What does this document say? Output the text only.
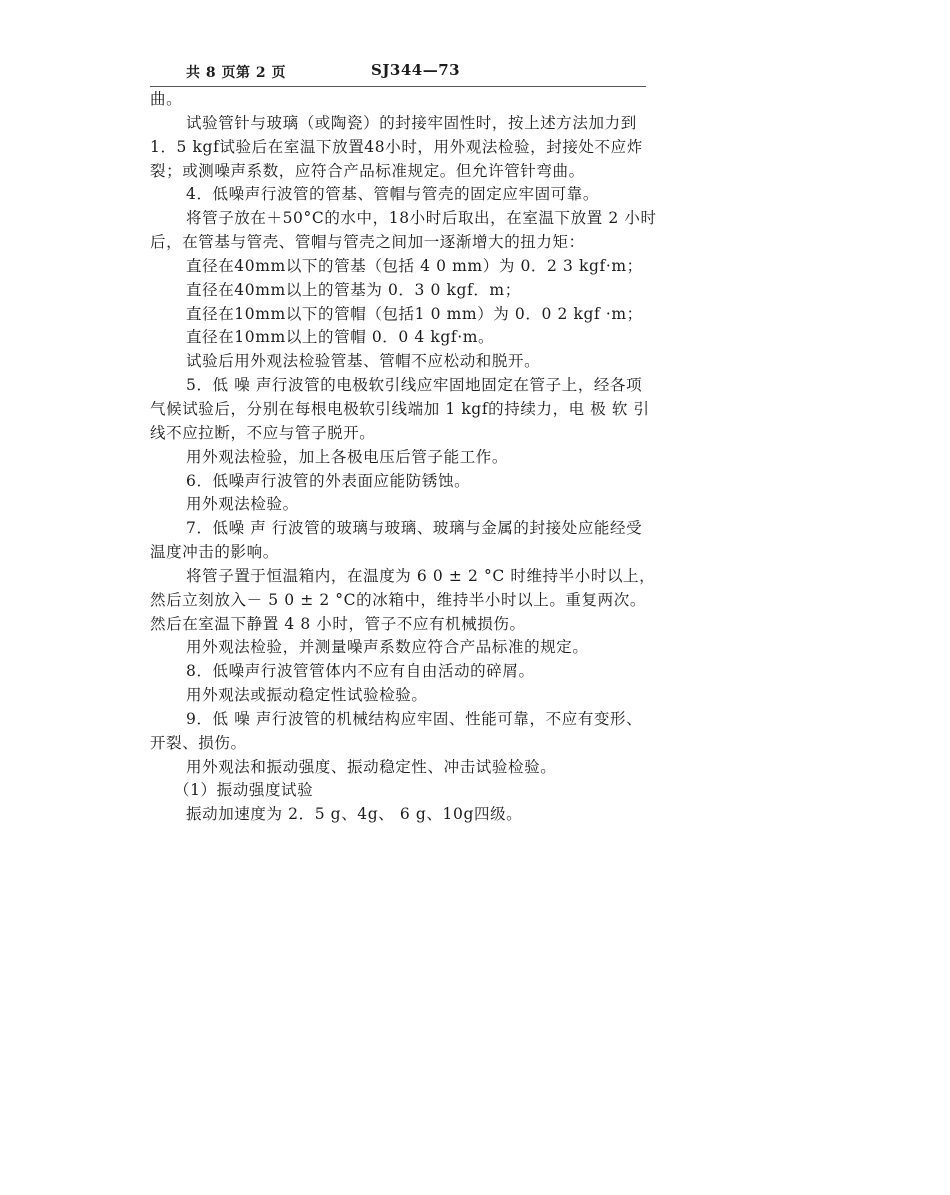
共 8 页第 2 页	SJ344—73
曲。
试验管针与玻璃（或陶瓷）的封接牢固性时，按上述方法加力到
1．5 kgf试验后在室温下放置48小时，用外观法检验，封接处不应炸
裂；或测噪声系数，应符合产品标准规定。但允许管针弯曲。
4．低噪声行波管的管基、管帽与管壳的固定应牢固可靠。
将管子放在＋50°C的水中，18小时后取出，在室温下放置 2 小时
后，在管基与管壳、管帽与管壳之间加一逐渐增大的扭力矩：
直径在40mm以下的管基（包括 4 0 mm）为 0．2 3 kgf·m；
直径在40mm以上的管基为 0．3 0 kgf．m；
直径在10mm以下的管帽（包括1 0 mm）为 0．0 2 kgf ·m；
直径在10mm以上的管帽 0．0 4 kgf·m。
试验后用外观法检验管基、管帽不应松动和脱开。
5．低 噪 声行波管的电极软引线应牢固地固定在管子上，经各项
气候试验后，分别在每根电极软引线端加 1 kgf的持续力，电 极 软 引
线不应拉断，不应与管子脱开。
用外观法检验，加上各极电压后管子能工作。
6．低噪声行波管的外表面应能防锈蚀。
用外观法检验。
7．低噪 声 行波管的玻璃与玻璃、玻璃与金属的封接处应能经受
温度冲击的影响。
将管子置于恒温箱内，在温度为 6 0 ± 2 °C 时维持半小时以上，
然后立刻放入－ 5 0 ± 2 °C的冰箱中，维持半小时以上。重复两次。
然后在室温下静置 4 8 小时，管子不应有机械损伤。
用外观法检验，并测量噪声系数应符合产品标准的规定。
8．低噪声行波管管体内不应有自由活动的碎屑。
用外观法或振动稳定性试验检验。
9．低 噪 声行波管的机械结构应牢固、性能可靠，不应有变形、
开裂、损伤。
用外观法和振动强度、振动稳定性、冲击试验检验。
（1）振动强度试验
振动加速度为 2．5 g、4g、 6 g、10g四级。
